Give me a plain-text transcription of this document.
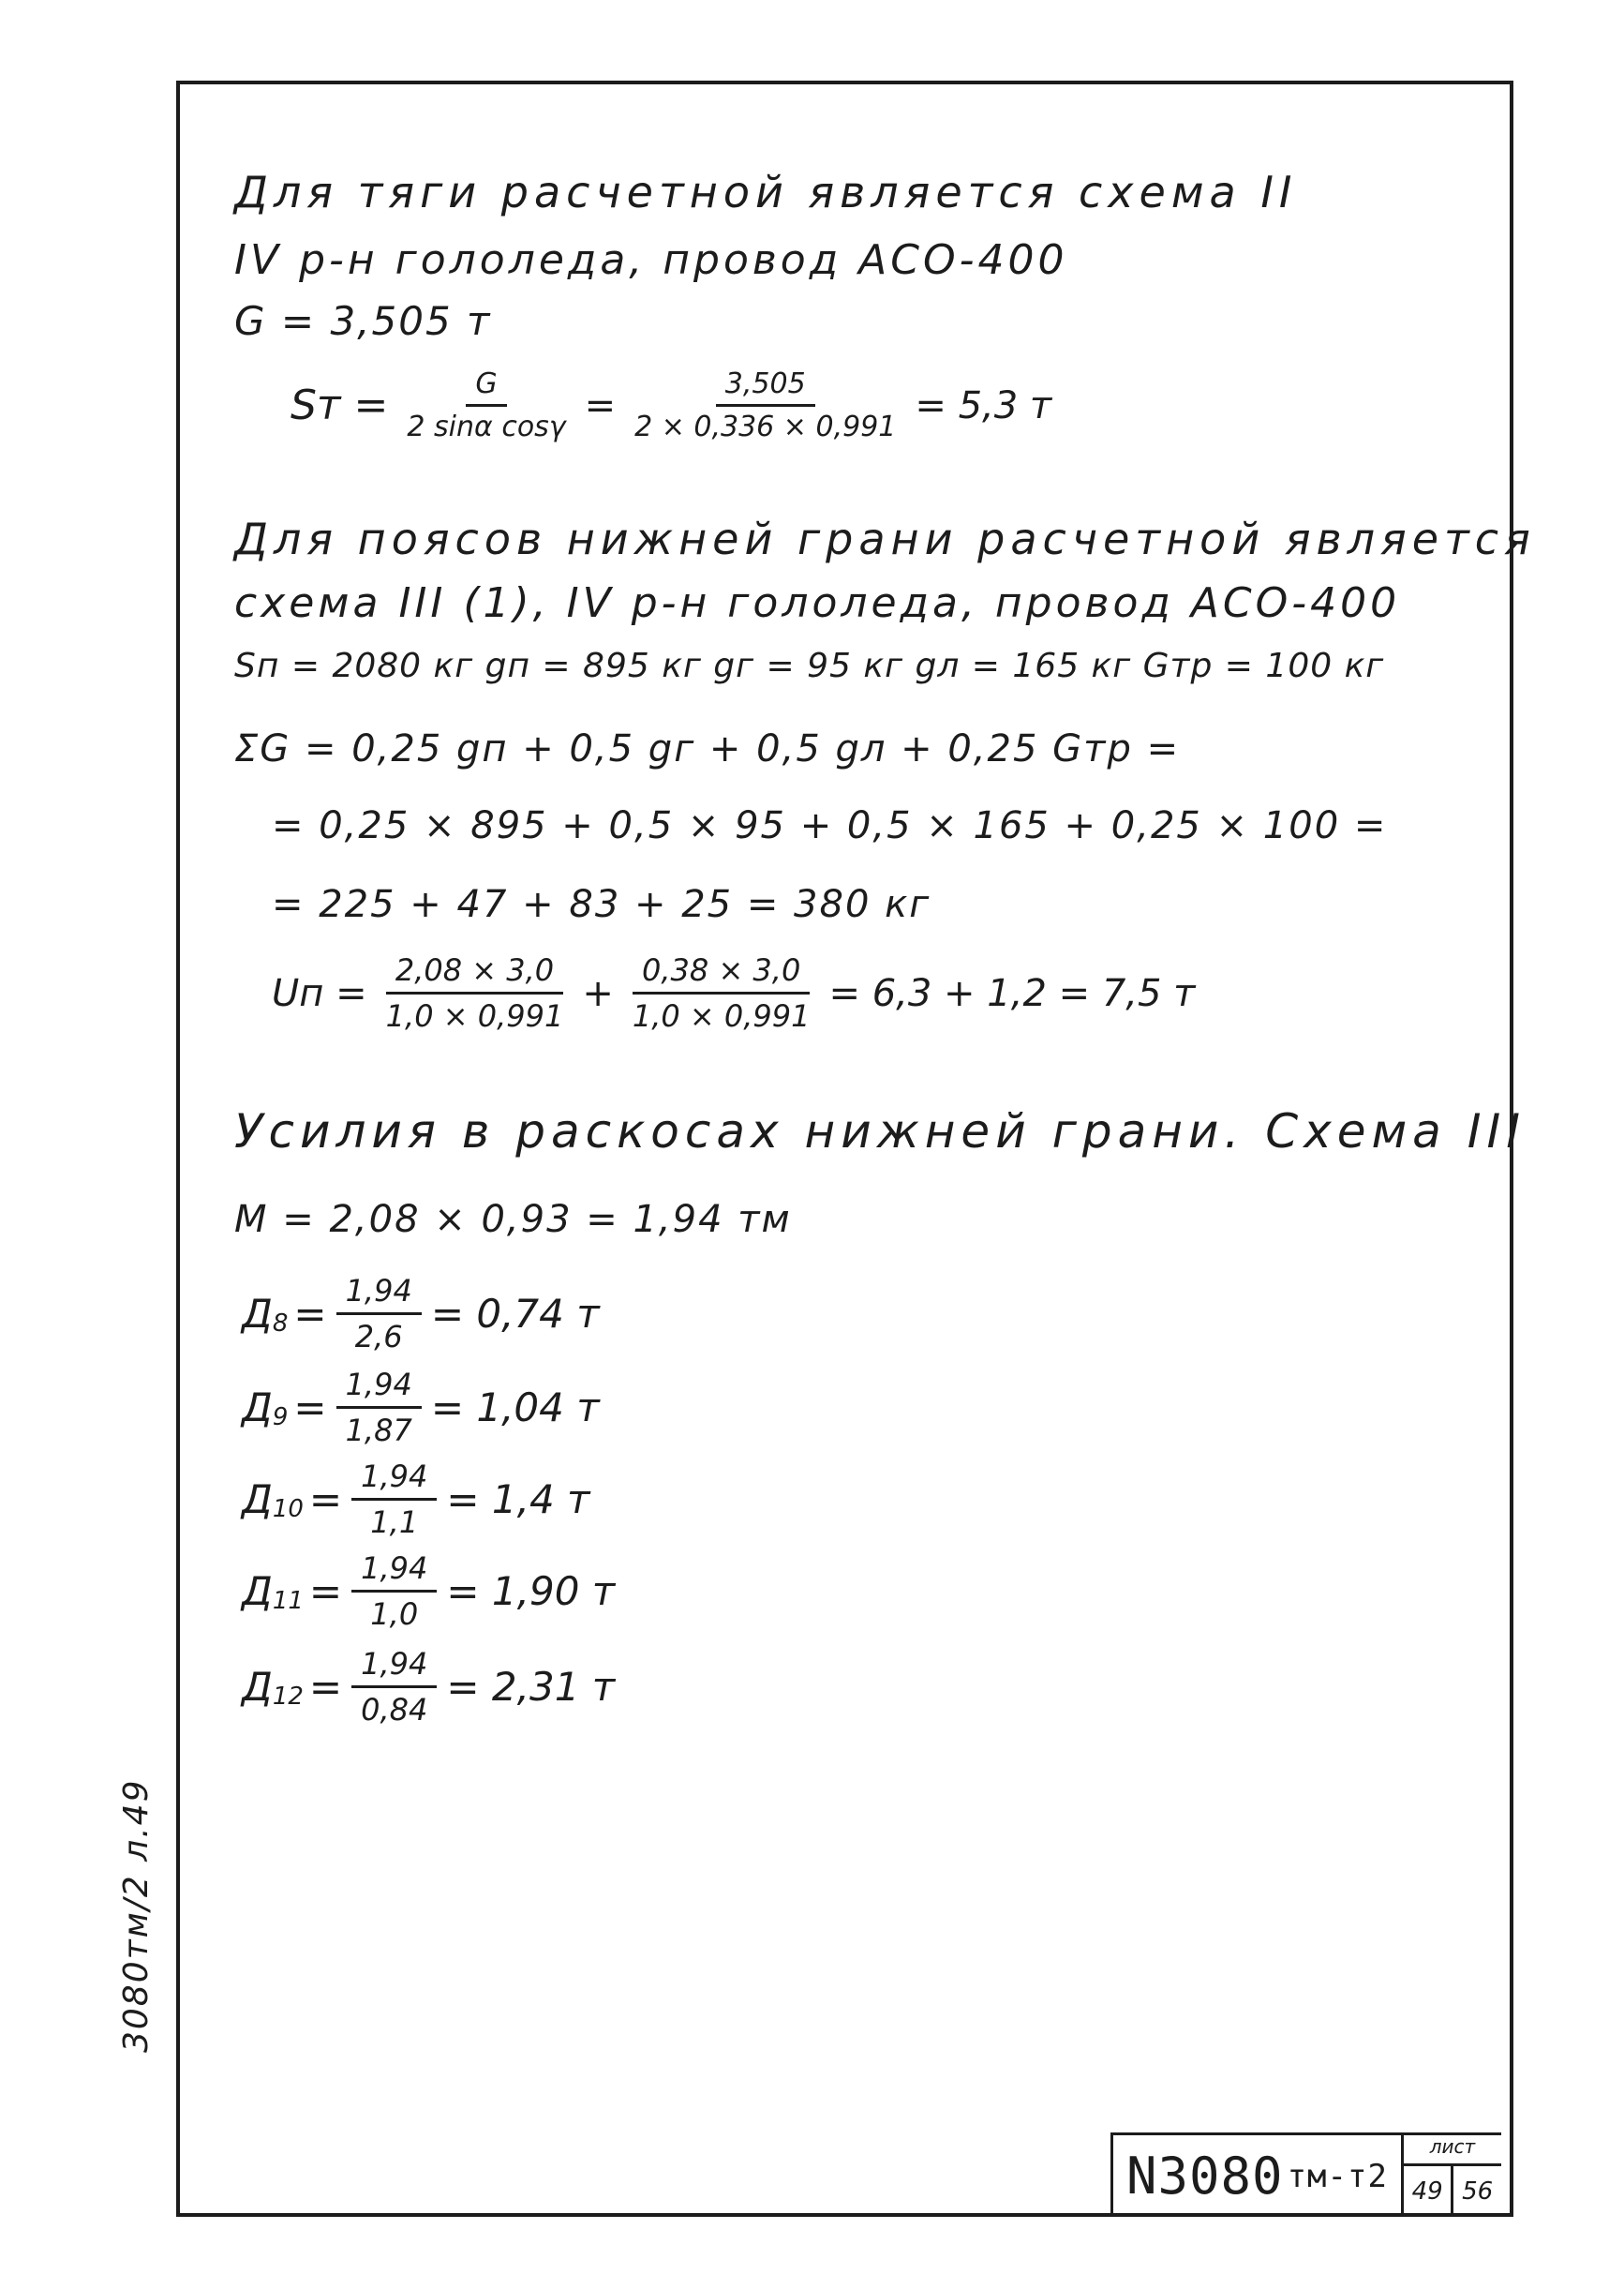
Для тяги расчетной является схема II
IV р-н гололеда, провод АСО-400
G = 3,505 т
Sт = $\frac{G}{\text{2 sinα cosγ}} = \frac{3,505}{2 \times 0,336 \times 0,991} = 5,3$ т
Для поясов нижней грани расчетной является
схема III (1), IV р-н гололеда, провод АСО-400
Sп = 2080 кг gп = 895 кг gг = 95 кг gл = 165 кг Gтр = 100 кг
ΣG = 0,25 gп + 0,5 gг + 0,5 gл + 0,25 Gтр =
= 0,25 × 895 + 0,5 × 95 + 0,5 × 165 + 0,25 × 100 =
= 225 + 47 + 83 + 25 = 380 кг
Uп = $\frac{2,08 \times 3,0}{1,0 \times 0,991} + \frac{0,38 \times 3,0}{1,0 \times 0,991} = 6,3 + 1,2 = 7,5$ т
Усилия в раскосах нижней грани. Схема III
M = 2,08 × 0,93 = 1,94 тм
Д $8 = \frac{1,94}{2,6} = 0,74$ т
Д $9 = \frac{1,94}{1,87} = 1,04$ т
Д $10 = \frac{1,94}{1,1} = 1,4$ т
Д $11 = \frac{1,94}{1,0} = 1,90$ т
Д $12 = \frac{1,94}{0,84} = 2,31$ т
3080тм/2 л.49
N3080 тм-т2
лист
49 56
